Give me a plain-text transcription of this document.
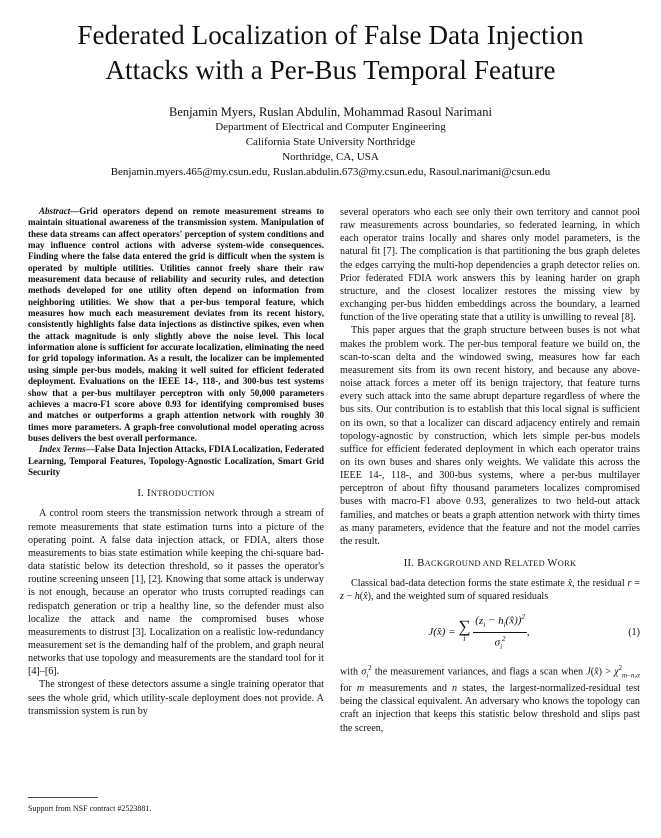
Federated Localization of False Data Injection
Attacks with a Per-Bus Temporal Feature
Benjamin Myers, Ruslan Abdulin, Mohammad Rasoul Narimani
Department of Electrical and Computer Engineering
California State University Northridge
Northridge, CA, USA
Benjamin.myers.465@my.csun.edu, Ruslan.abdulin.673@my.csun.edu, Rasoul.narimani@csun.edu

Abstract—Grid operators depend on remote measurement streams to maintain situational awareness of the transmission system. Manipulation of these data streams can affect operators' perception of system conditions and may influence control actions with adverse system-wide consequences. Finding where the false data entered the grid is difficult when the system is operated by multiple utilities. Utilities cannot freely share their raw measurement data because of reliability and security rules, and detection methods developed for one utility often depend on information from neighboring utilities. We show that a per-bus temporal feature, which measures how much each measurement deviates from its recent history, consistently highlights false data injections as distinctive spikes, even when the attack magnitude is only slightly above the noise level. This local information alone is sufficient for accurate localization, eliminating the need for grid topology information. As a result, the localizer can be implemented using simple per-bus models, making it well suited for efficient federated deployment. Evaluations on the IEEE 14-, 118-, and 300-bus test systems show that a per-bus multilayer perceptron with only 50,000 parameters achieves a macro-F1 score above 0.93 for identifying compromised buses and matches or outperforms a graph attention network with roughly 30 times more parameters. A graph-free convolutional model operating across buses delivers the best overall performance.

Index Terms—False Data Injection Attacks, FDIA Localization, Federated Learning, Temporal Features, Topology-Agnostic Localization, Smart Grid Security

I. INTRODUCTION

A control room steers the transmission network through a stream of remote measurements that state estimation turns into a picture of the operating point. A false data injection attack, or FDIA, alters those measurements to bias state estimation while keeping the chi-square bad-data statistic below its detection threshold, so it passes the operator's routine screening unseen [1], [2]. Knowing that some attack is underway is not enough, because an operator who trusts corrupted readings can redispatch generation or trip a healthy line, so the defender must also localize the attack and name the compromised buses whose measurements to distrust [3]. Localization on a realistic low-redundancy measurement set is the demanding half of the problem, and graph neural networks that use topology and measurements are the standard tool for it [4]–[6].

The strongest of these detectors assume a single training operator that sees the whole grid, which utility-scale deployment does not provide. A transmission system is run by

Support from NSF contract #2523881.

several operators who each see only their own territory and cannot pool raw measurements across boundaries, so federated learning, in which each operator trains locally and shares only model parameters, is the natural fit [7]. The complication is that partitioning the bus graph deletes the edges carrying the multi-hop dependencies a graph detector relies on. Prior federated FDIA work answers this by leaning harder on graph structure, and the closest localizer restores the missing view by exchanging per-bus hidden embeddings across the boundary, a learned function of the live operating state that a utility is unwilling to reveal [8].

This paper argues that the graph structure between buses is not what makes the problem work. The per-bus temporal feature we build on, the scan-to-scan delta and the windowed swing, measures how far each measurement sits from its own recent history, and because any above-noise attack forces a meter off its benign trajectory, that feature turns every such attack into the same abrupt departure regardless of where the bus sits. Our contribution is to establish that this local signal is sufficient on its own, so that a localizer can discard adjacency entirely and remain topology-agnostic by construction, which lets simple per-bus models suffice for efficient federated deployment in which each operator trains on its own buses and shares only weights. We validate this across the IEEE 14-, 118-, and 300-bus systems, where a per-bus multilayer perceptron of about fifty thousand parameters localizes compromised buses with macro-F1 above 0.93, generalizes to two held-out attack families, and matches or beats a graph attention network with thirty times as many parameters, evidence that the feature and not the model carries the result.

II. BACKGROUND AND RELATED WORK

Classical bad-data detection forms the state estimate x̂, the residual r = z − h(x̂), and the weighted sum of squared residuals

J(x̂) = ∑
i
$\frac{(z_i - h_i(x̂))^2}{\sigma_i^2}$ ,	(1)

with $\sigma_i^2$ the measurement variances, and flags a scan when J(x̂) > $\chi^2_{m-n,\alpha}$ for m measurements and n states, the largest-normalized-residual test being the classical equivalent. An adversary who knows the topology can craft an injection that keeps this statistic below threshold and slips past the screen,
